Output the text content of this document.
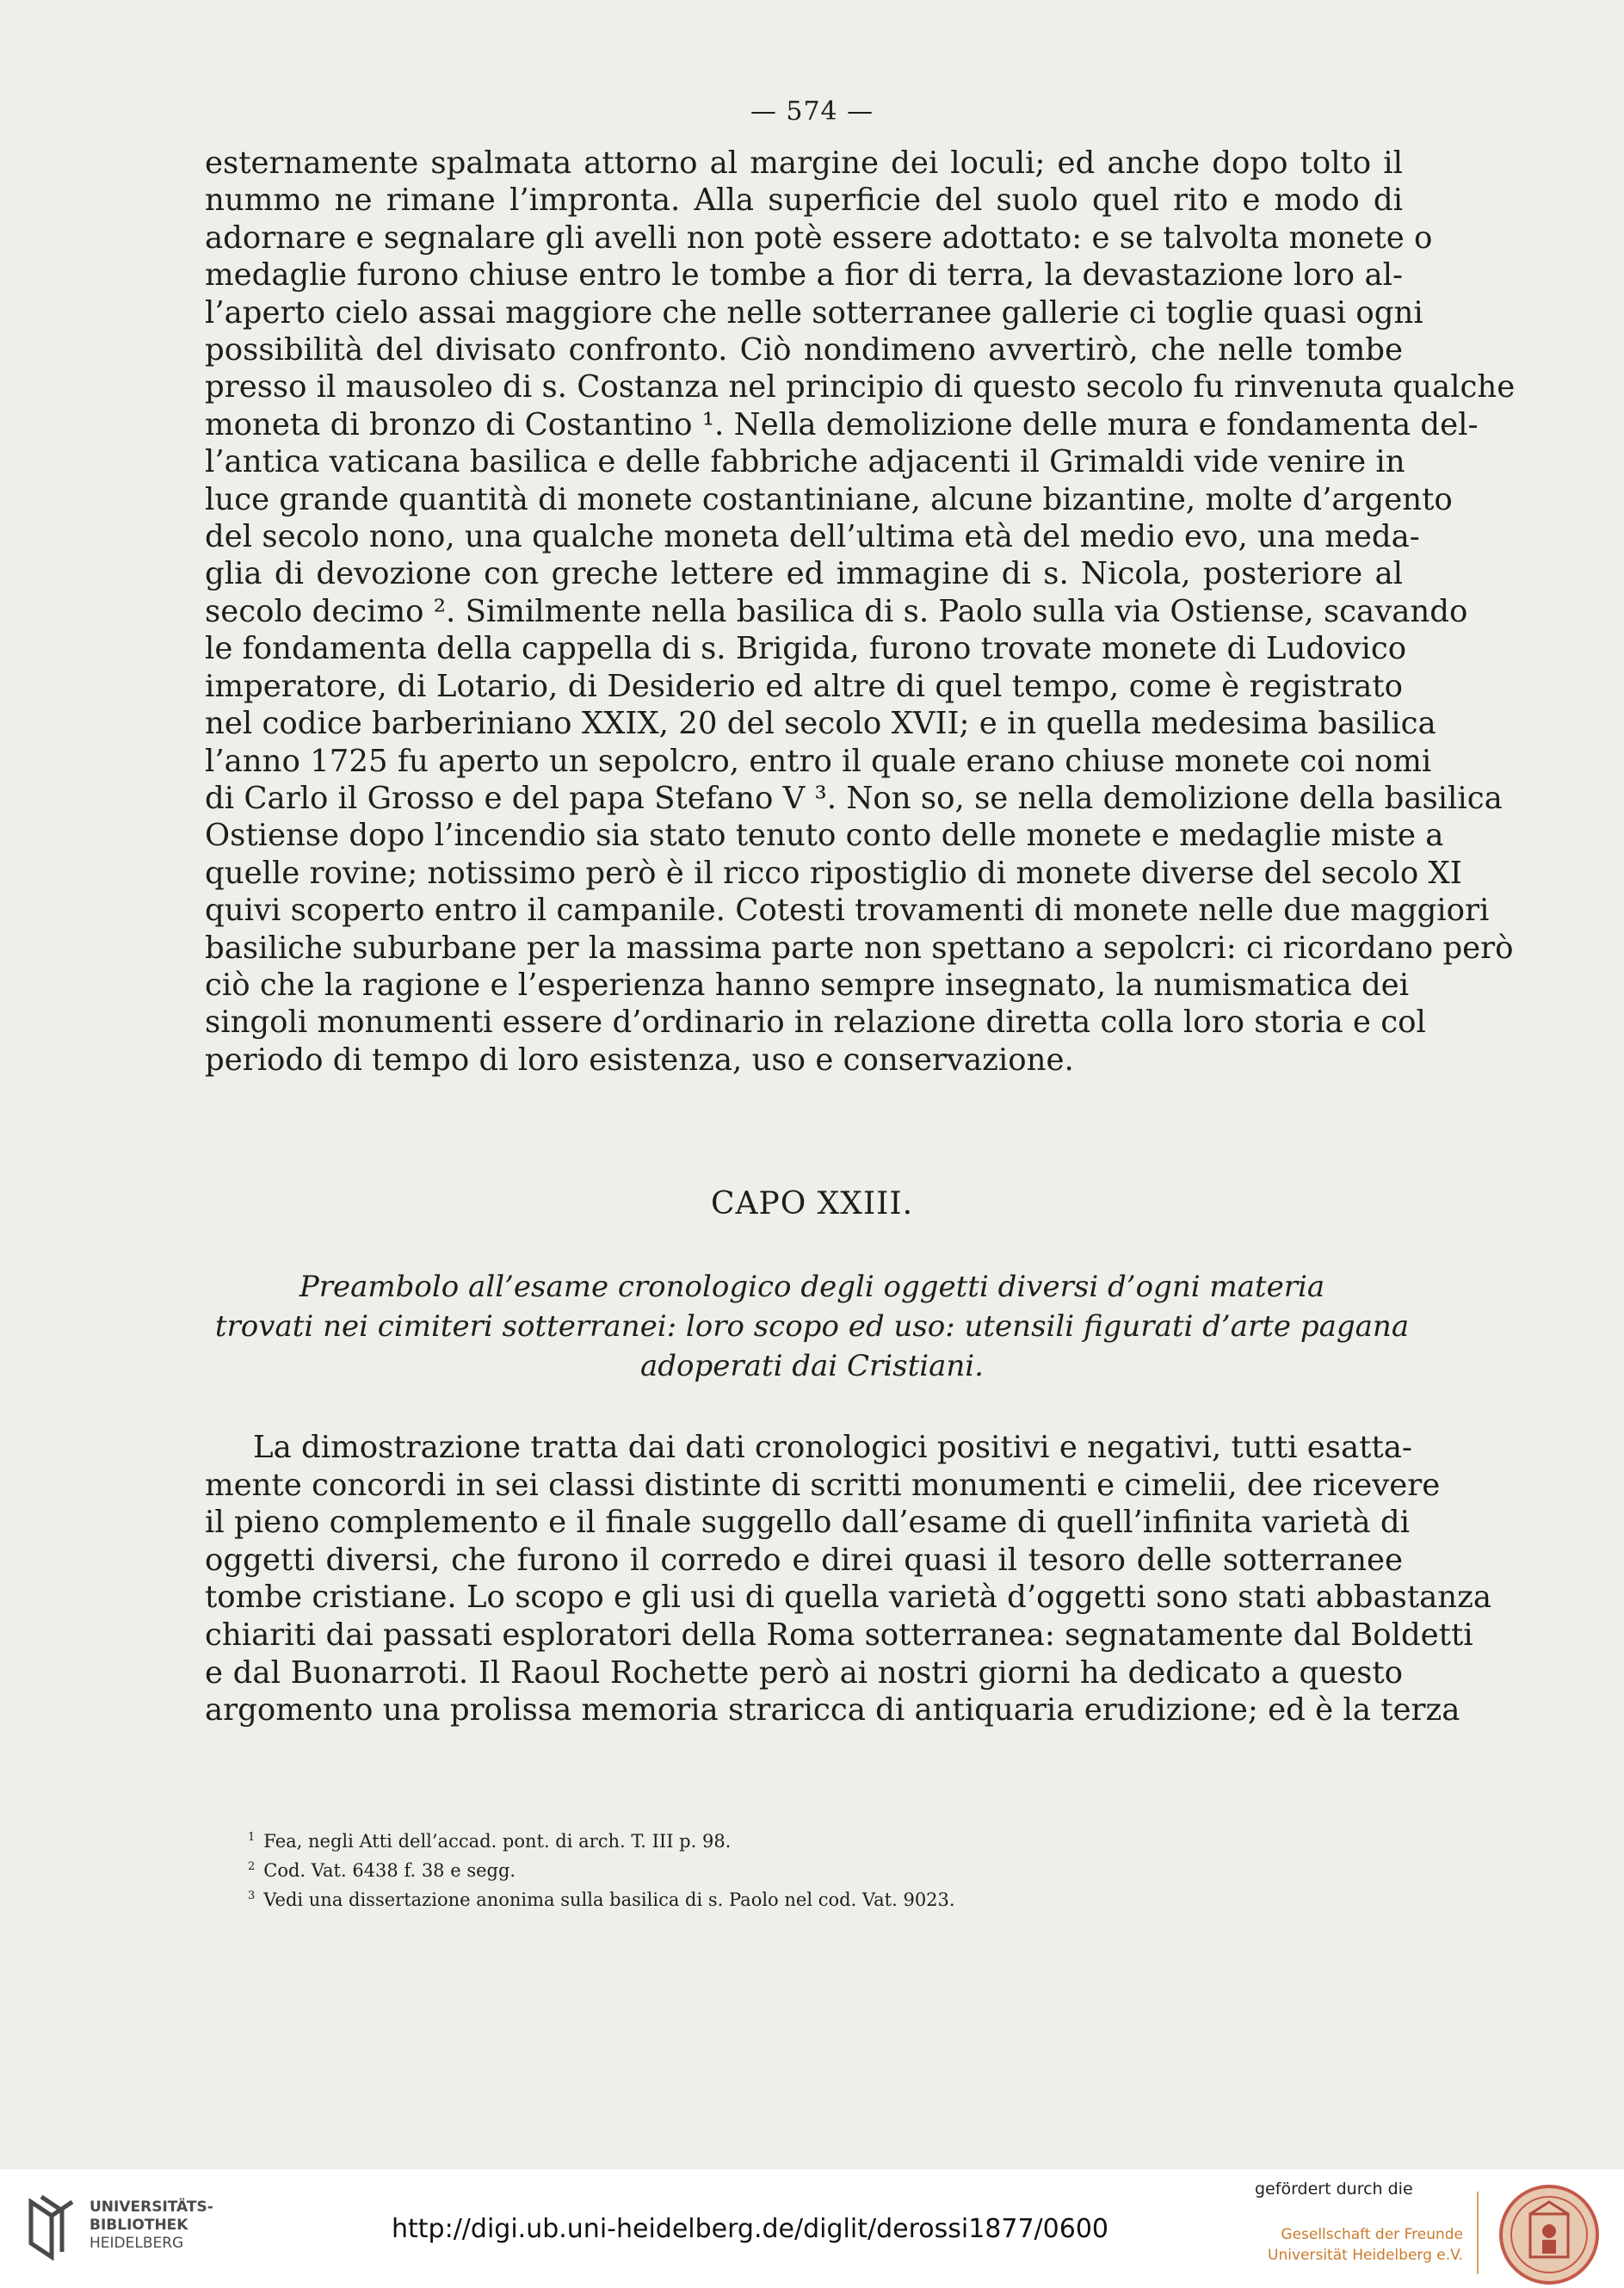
— 574 —
esternamente spalmata attorno al margine dei loculi; ed anche dopo tolto il
nummo ne rimane l’impronta. Alla superficie del suolo quel rito e modo di
adornare e segnalare gli avelli non potè essere adottato: e se talvolta monete o
medaglie furono chiuse entro le tombe a fior di terra, la devastazione loro al-
l’aperto cielo assai maggiore che nelle sotterranee gallerie ci toglie quasi ogni
possibilità del divisato confronto. Ciò nondimeno avvertirò, che nelle tombe
presso il mausoleo di s. Costanza nel principio di questo secolo fu rinvenuta qualche
moneta di bronzo di Costantino ¹. Nella demolizione delle mura e fondamenta del-
l’antica vaticana basilica e delle fabbriche adjacenti il Grimaldi vide venire in
luce grande quantità di monete costantiniane, alcune bizantine, molte d’argento
del secolo nono, una qualche moneta dell’ultima età del medio evo, una meda-
glia di devozione con greche lettere ed immagine di s. Nicola, posteriore al
secolo decimo ². Similmente nella basilica di s. Paolo sulla via Ostiense, scavando
le fondamenta della cappella di s. Brigida, furono trovate monete di Ludovico
imperatore, di Lotario, di Desiderio ed altre di quel tempo, come è registrato
nel codice barberiniano XXIX, 20 del secolo XVII; e in quella medesima basilica
l’anno 1725 fu aperto un sepolcro, entro il quale erano chiuse monete coi nomi
di Carlo il Grosso e del papa Stefano V ³. Non so, se nella demolizione della basilica
Ostiense dopo l’incendio sia stato tenuto conto delle monete e medaglie miste a
quelle rovine; notissimo però è il ricco ripostiglio di monete diverse del secolo XI
quivi scoperto entro il campanile. Cotesti trovamenti di monete nelle due maggiori
basiliche suburbane per la massima parte non spettano a sepolcri: ci ricordano però
ciò che la ragione e l’esperienza hanno sempre insegnato, la numismatica dei
singoli monumenti essere d’ordinario in relazione diretta colla loro storia e col
periodo di tempo di loro esistenza, uso e conservazione.
CAPO XXIII.
Preambolo all’esame cronologico degli oggetti diversi d’ogni materia
trovati nei cimiteri sotterranei: loro scopo ed uso: utensili figurati d’arte pagana
adoperati dai Cristiani.
La dimostrazione tratta dai dati cronologici positivi e negativi, tutti esatta-
mente concordi in sei classi distinte di scritti monumenti e cimelii, dee ricevere
il pieno complemento e il finale suggello dall’esame di quell’infinita varietà di
oggetti diversi, che furono il corredo e direi quasi il tesoro delle sotterranee
tombe cristiane. Lo scopo e gli usi di quella varietà d’oggetti sono stati abbastanza
chiariti dai passati esploratori della Roma sotterranea: segnatamente dal Boldetti
e dal Buonarroti. Il Raoul Rochette però ai nostri giorni ha dedicato a questo
argomento una prolissa memoria straricca di antiquaria erudizione; ed è la terza
$^1$ Fea, negli Atti dell’accad. pont. di arch. T. III p. 98.
$^2$ Cod. Vat. 6438 f. 38 e segg.
$^3$ Vedi una dissertazione anonima sulla basilica di s. Paolo nel cod. Vat. 9023.
UNIVERSITÄTS-
BIBLIOTHEK
HEIDELBERG	http://digi.ub.uni-heidelberg.de/diglit/derossi1877/0600
gefördert durch die
Gesellschaft der Freunde
Universität Heidelberg e.V.
